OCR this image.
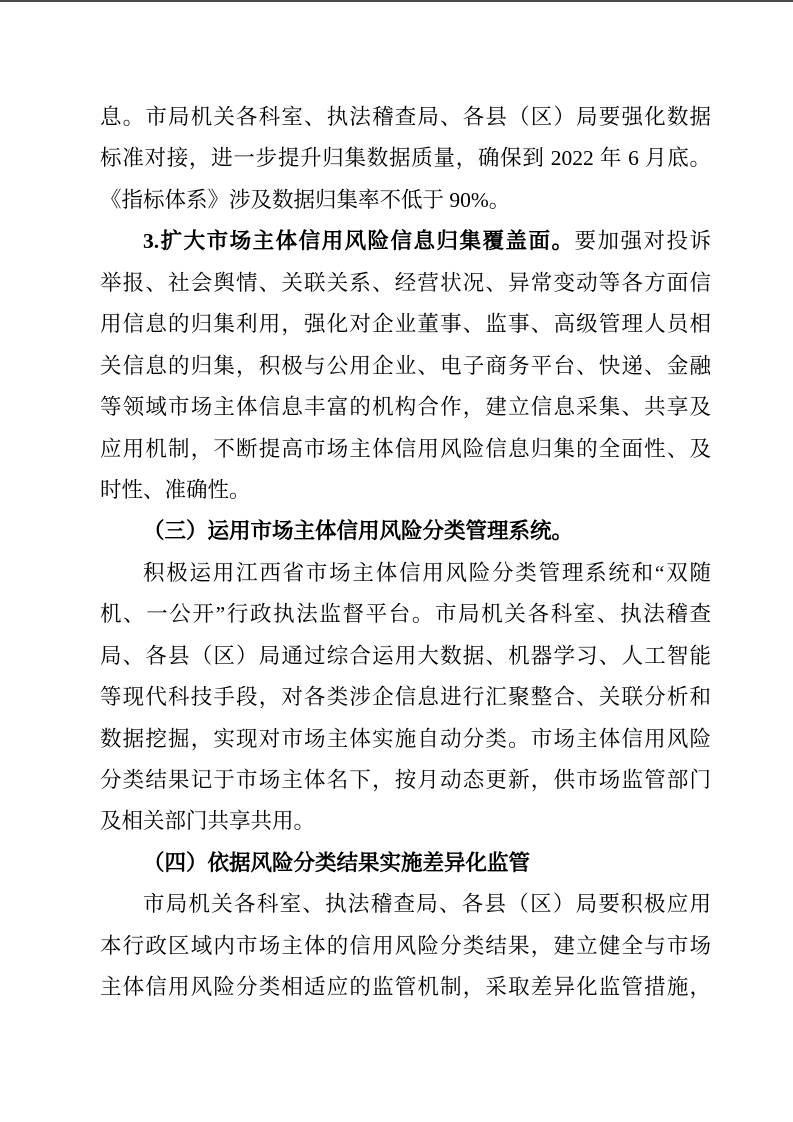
息。市局机关各科室、执法稽查局、各县（区）局要强化数据
标准对接，进一步提升归集数据质量，确保到 2022 年 6 月底。
《指标体系》涉及数据归集率不低于 90%。
3.扩大市场主体信用风险信息归集覆盖面。要加强对投诉
举报、社会舆情、关联关系、经营状况、异常变动等各方面信
用信息的归集利用，强化对企业董事、监事、高级管理人员相
关信息的归集，积极与公用企业、电子商务平台、快递、金融
等领域市场主体信息丰富的机构合作，建立信息采集、共享及
应用机制，不断提高市场主体信用风险信息归集的全面性、及
时性、准确性。
（三）运用市场主体信用风险分类管理系统。
积极运用江西省市场主体信用风险分类管理系统和“双随
机、一公开”行政执法监督平台。市局机关各科室、执法稽查
局、各县（区）局通过综合运用大数据、机器学习、人工智能
等现代科技手段，对各类涉企信息进行汇聚整合、关联分析和
数据挖掘，实现对市场主体实施自动分类。市场主体信用风险
分类结果记于市场主体名下，按月动态更新，供市场监管部门
及相关部门共享共用。
（四）依据风险分类结果实施差异化监管
市局机关各科室、执法稽查局、各县（区）局要积极应用
本行政区域内市场主体的信用风险分类结果，建立健全与市场
主体信用风险分类相适应的监管机制，采取差异化监管措施，
